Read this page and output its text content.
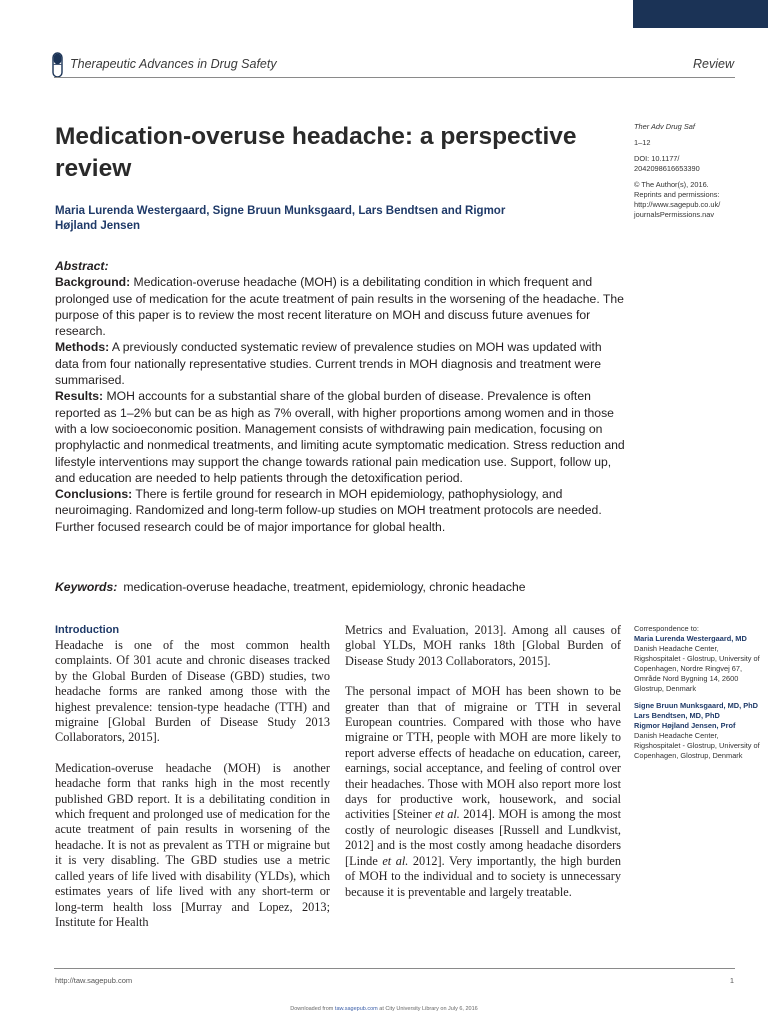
Therapeutic Advances in Drug Safety	Review
Medication-overuse headache: a perspective review
Maria Lurenda Westergaard, Signe Bruun Munksgaard, Lars Bendtsen and Rigmor Højland Jensen
Ther Adv Drug Saf
1–12
DOI: 10.1177/
2042098616653390
© The Author(s), 2016.
Reprints and permissions:
http://www.sagepub.co.uk/
journalsPermissions.nav

Abstract:

Background: Medication-overuse headache (MOH) is a debilitating condition in which frequent and prolonged use of medication for the acute treatment of pain results in the worsening of the headache. The purpose of this paper is to review the most recent literature on MOH and discuss future avenues for research.

Methods: A previously conducted systematic review of prevalence studies on MOH was updated with data from four nationally representative studies. Current trends in MOH diagnosis and treatment were summarised.

Results: MOH accounts for a substantial share of the global burden of disease. Prevalence is often reported as 1–2% but can be as high as 7% overall, with higher proportions among women and in those with a low socioeconomic position. Management consists of withdrawing pain medication, focusing on prophylactic and nonmedical treatments, and limiting acute symptomatic medication. Stress reduction and lifestyle interventions may support the change towards rational pain medication use. Support, follow up, and education are needed to help patients through the detoxification period.

Conclusions: There is fertile ground for research in MOH epidemiology, pathophysiology, and neuroimaging. Randomized and long-term follow-up studies on MOH treatment protocols are needed. Further focused research could be of major importance for global health.

Keywords: medication-overuse headache, treatment, epidemiology, chronic headache
Introduction

Headache is one of the most common health complaints. Of 301 acute and chronic diseases tracked by the Global Burden of Disease (GBD) studies, two headache forms are ranked among those with the highest prevalence: tension-type headache (TTH) and migraine [Global Burden of Disease Study 2013 Collaborators, 2015].

Medication-overuse headache (MOH) is another headache form that ranks high in the most recently published GBD report. It is a debilitating condition in which frequent and prolonged use of medication for the acute treatment of pain results in worsening of the headache. It is not as prevalent as TTH or migraine but it is very disabling. The GBD studies use a metric called years of life lived with disability (YLDs), which estimates years of life lived with any short-term or long-term health loss [Murray and Lopez, 2013; Institute for Health

Metrics and Evaluation, 2013]. Among all causes of global YLDs, MOH ranks 18th [Global Burden of Disease Study 2013 Collaborators, 2015].

The personal impact of MOH has been shown to be greater than that of migraine or TTH in several European countries. Compared with those who have migraine or TTH, people with MOH are more likely to report adverse effects of headache on education, career, earnings, social acceptance, and feeling of control over their headaches. Those with MOH also report more lost days for productive work, housework, and social activities [Steiner et al. 2014]. MOH is among the most costly of neurologic diseases [Russell and Lundkvist, 2012] and is the most costly among headache disorders [Linde et al. 2012]. Very importantly, the high burden of MOH to the individual and to society is unnecessary because it is preventable and largely treatable.

Correspondence to:
Maria Lurenda Westergaard, MD
Danish Headache Center, Rigshospitalet - Glostrup, University of Copenhagen, Nordre Ringvej 67, Område Nord Bygning 14, 2600 Glostrup, Denmark
Signe Bruun Munksgaard, MD, PhD
Lars Bendtsen, MD, PhD
Rigmor Højland Jensen, Prof
Danish Headache Center, Rigshospitalet - Glostrup, University of Copenhagen, Glostrup, Denmark
http://taw.sagepub.com	1
Downloaded from taw.sagepub.com at City University Library on July 6, 2016
